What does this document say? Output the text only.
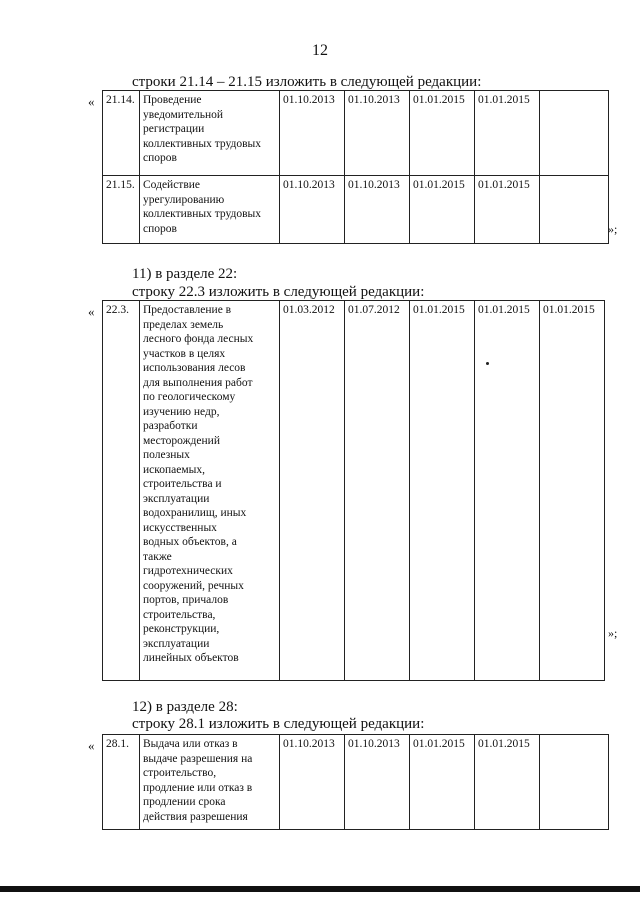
12
строки 21.14 – 21.15 изложить в следующей редакции:
« 21.14.	Проведение
уведомительной
регистрации
коллективных трудовых
споров	01.10.2013	01.10.2013	01.01.2015	01.01.2015	
21.15.	Содействие
урегулированию
коллективных трудовых
споров	01.10.2013	01.10.2013	01.01.2015	01.01.2015	
»;
11) в разделе 22:
строку 22.3 изложить в следующей редакции:
« 22.3.	Предоставление в
пределах земель
лесного фонда лесных
участков в целях
использования лесов
для выполнения работ
по геологическому
изучению недр,
разработки
месторождений
полезных
ископаемых,
строительства и
эксплуатации
водохранилищ, иных
искусственных
водных объектов, а
также
гидротехнических
сооружений, речных
портов, причалов
строительства,
реконструкции,
эксплуатации
линейных объектов	01.03.2012	01.07.2012	01.01.2015	01.01.2015	01.01.2015
»;
12) в разделе 28:
строку 28.1 изложить в следующей редакции:
« 28.1.	Выдача или отказ в
выдаче разрешения на
строительство,
продление или отказ в
продлении срока
действия разрешения	01.10.2013	01.10.2013	01.01.2015	01.01.2015	
